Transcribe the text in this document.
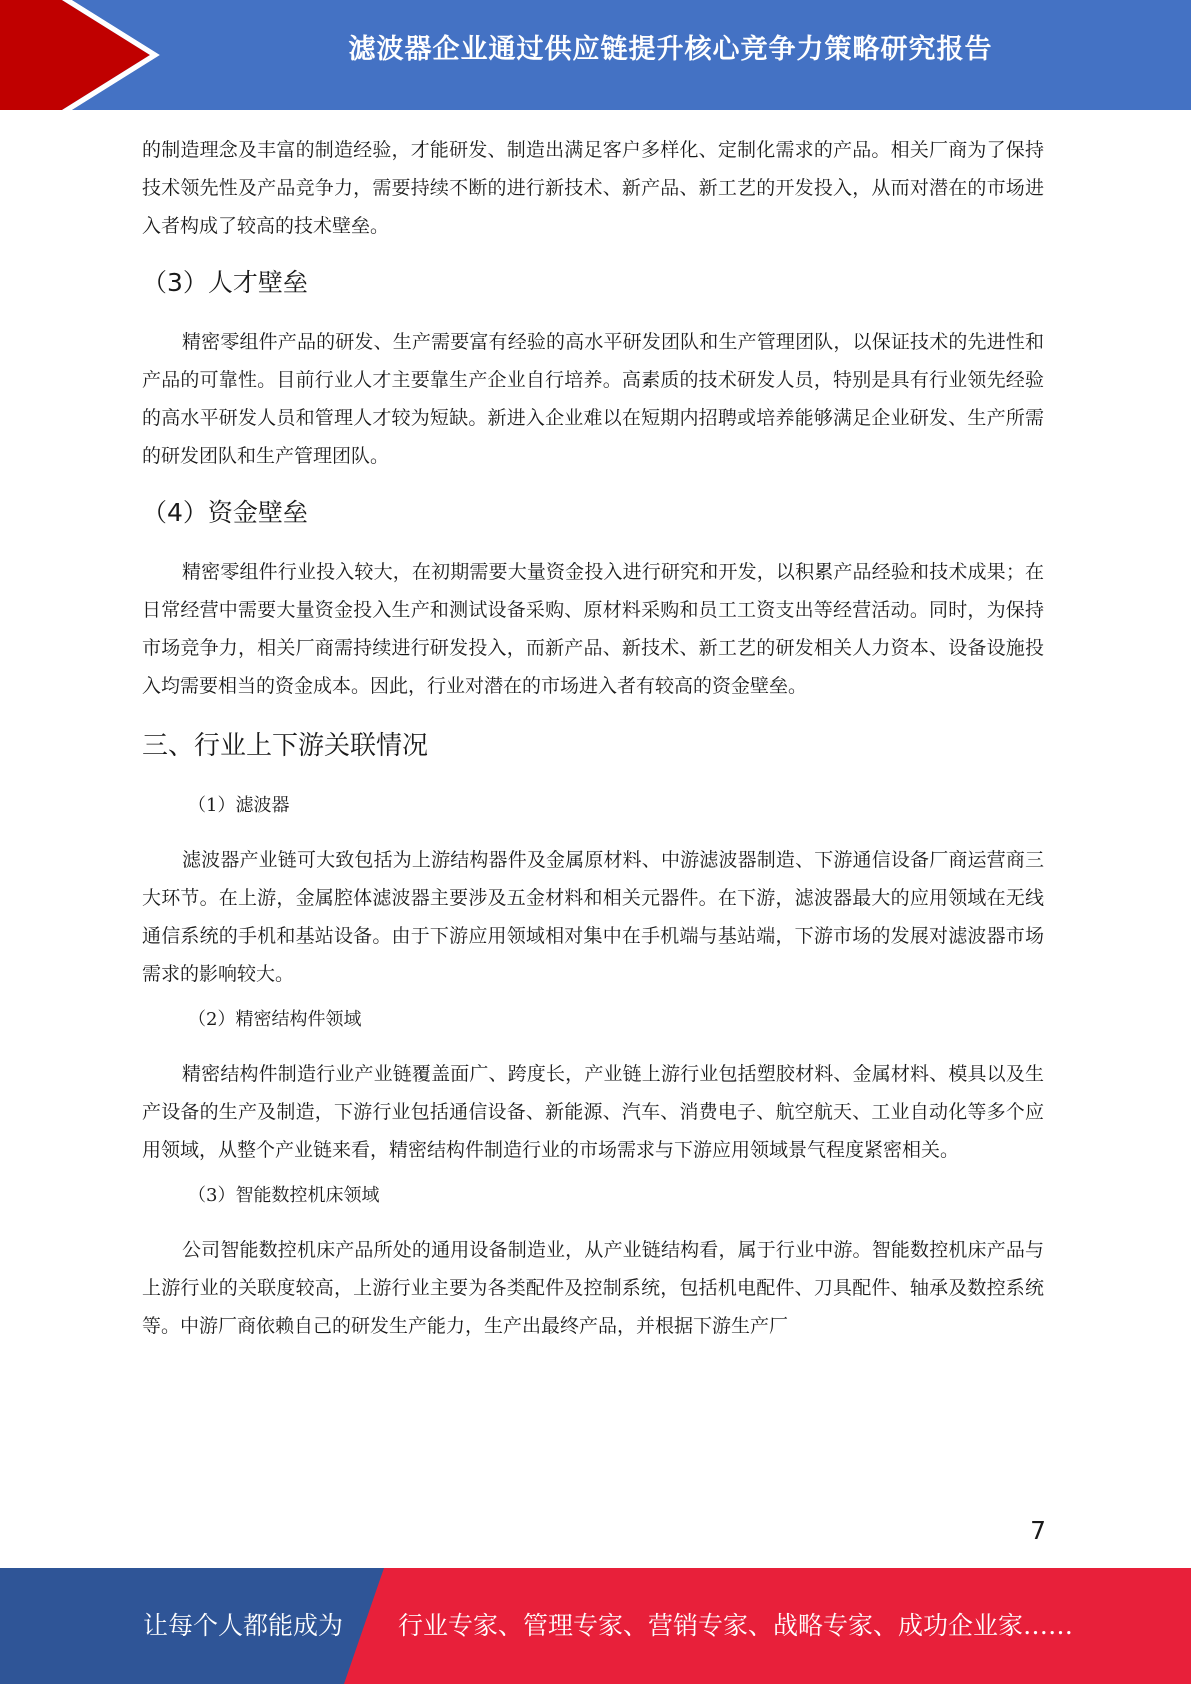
滤波器企业通过供应链提升核心竞争力策略研究报告

的制造理念及丰富的制造经验，才能研发、制造出满足客户多样化、定制化需求的产品。相关厂商为了保持技术领先性及产品竞争力，需要持续不断的进行新技术、新产品、新工艺的开发投入，从而对潜在的市场进入者构成了较高的技术壁垒。

（3）人才壁垒

精密零组件产品的研发、生产需要富有经验的高水平研发团队和生产管理团队，以保证技术的先进性和产品的可靠性。目前行业人才主要靠生产企业自行培养。高素质的技术研发人员，特别是具有行业领先经验的高水平研发人员和管理人才较为短缺。新进入企业难以在短期内招聘或培养能够满足企业研发、生产所需的研发团队和生产管理团队。

（4）资金壁垒

精密零组件行业投入较大，在初期需要大量资金投入进行研究和开发，以积累产品经验和技术成果；在日常经营中需要大量资金投入生产和测试设备采购、原材料采购和员工工资支出等经营活动。同时，为保持市场竞争力，相关厂商需持续进行研发投入，而新产品、新技术、新工艺的研发相关人力资本、设备设施投入均需要相当的资金成本。因此，行业对潜在的市场进入者有较高的资金壁垒。

三、行业上下游关联情况
（1）滤波器

滤波器产业链可大致包括为上游结构器件及金属原材料、中游滤波器制造、下游通信设备厂商运营商三大环节。在上游，金属腔体滤波器主要涉及五金材料和相关元器件。在下游，滤波器最大的应用领域在无线通信系统的手机和基站设备。由于下游应用领域相对集中在手机端与基站端，下游市场的发展对滤波器市场需求的影响较大。

（2）精密结构件领域

精密结构件制造行业产业链覆盖面广、跨度长，产业链上游行业包括塑胶材料、金属材料、模具以及生产设备的生产及制造，下游行业包括通信设备、新能源、汽车、消费电子、航空航天、工业自动化等多个应用领域，从整个产业链来看，精密结构件制造行业的市场需求与下游应用领域景气程度紧密相关。

（3）智能数控机床领域

公司智能数控机床产品所处的通用设备制造业，从产业链结构看，属于行业中游。智能数控机床产品与上游行业的关联度较高，上游行业主要为各类配件及控制系统，包括机电配件、刀具配件、轴承及数控系统等。中游厂商依赖自己的研发生产能力，生产出最终产品，并根据下游生产厂

7
让每个人都能成为 行业专家、管理专家、营销专家、战略专家、成功企业家……
